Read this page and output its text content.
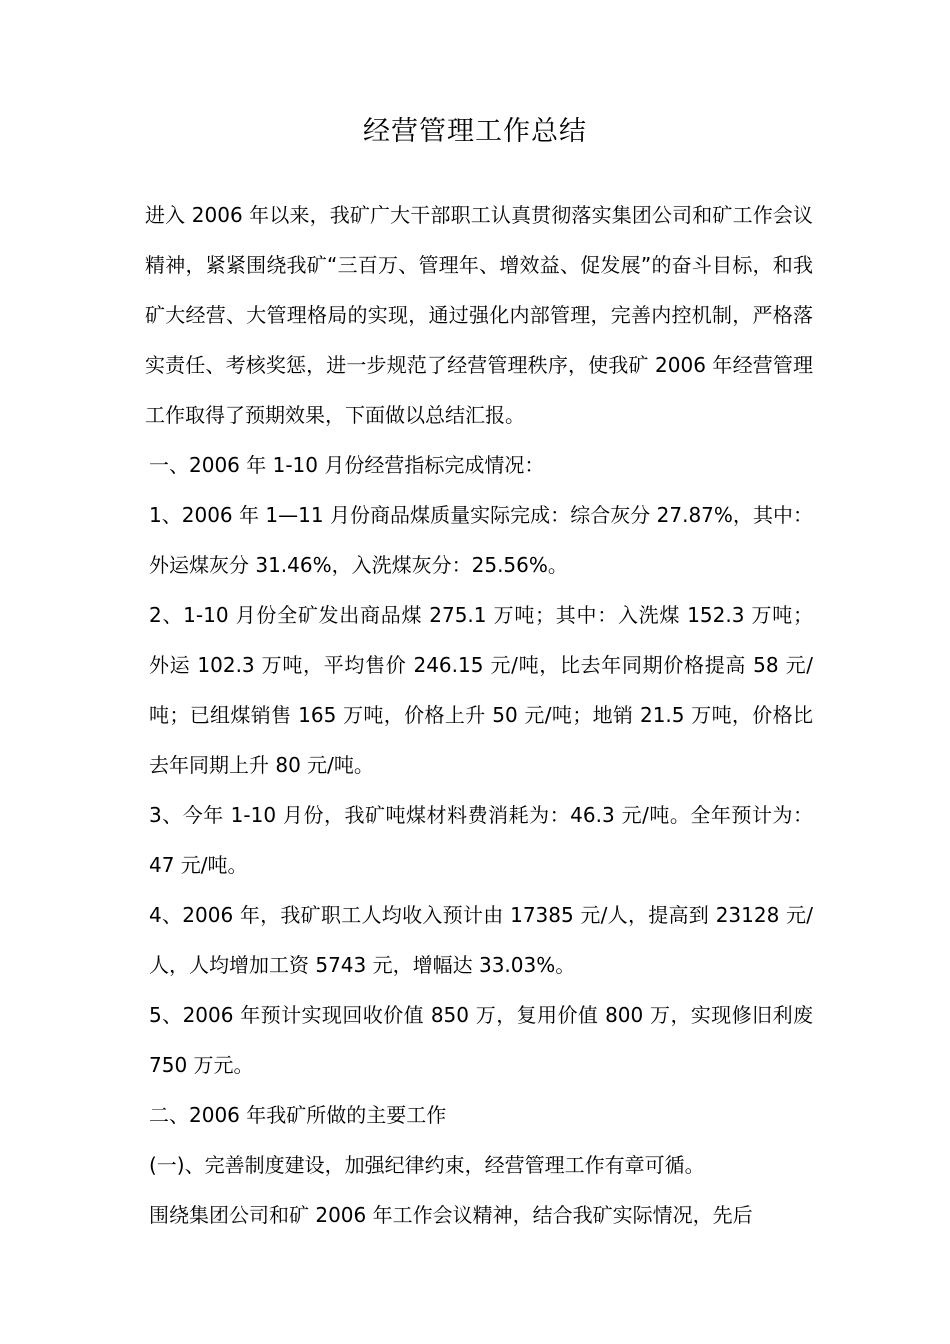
经营管理工作总结

进入 2006 年以来，我矿广大干部职工认真贯彻落实集团公司和矿工作会议精神，紧紧围绕我矿“三百万、管理年、增效益、促发展”的奋斗目标，和我矿大经营、大管理格局的实现，通过强化内部管理，完善内控机制，严格落实责任、考核奖惩，进一步规范了经营管理秩序，使我矿 2006 年经营管理工作取得了预期效果，下面做以总结汇报。

一、2006 年 1-10 月份经营指标完成情况：

1、2006 年 1—11 月份商品煤质量实际完成：综合灰分 27.87%，其中：外运煤灰分 31.46%，入洗煤灰分：25.56%。

2、1-10 月份全矿发出商品煤 275.1 万吨；其中：入洗煤 152.3 万吨；外运 102.3 万吨，平均售价 246.15 元/吨，比去年同期价格提高 58 元/吨；已组煤销售 165 万吨，价格上升 50 元/吨；地销 21.5 万吨，价格比去年同期上升 80 元/吨。

3、今年 1-10 月份，我矿吨煤材料费消耗为：46.3 元/吨。全年预计为：47 元/吨。

4、2006 年，我矿职工人均收入预计由 17385 元/人，提高到 23128 元/人，人均增加工资 5743 元，增幅达 33.03%。

5、2006 年预计实现回收价值 850 万，复用价值 800 万，实现修旧利废 750 万元。

二、2006 年我矿所做的主要工作

(一)、完善制度建设，加强纪律约束，经营管理工作有章可循。

围绕集团公司和矿 2006 年工作会议精神，结合我矿实际情况，先后
